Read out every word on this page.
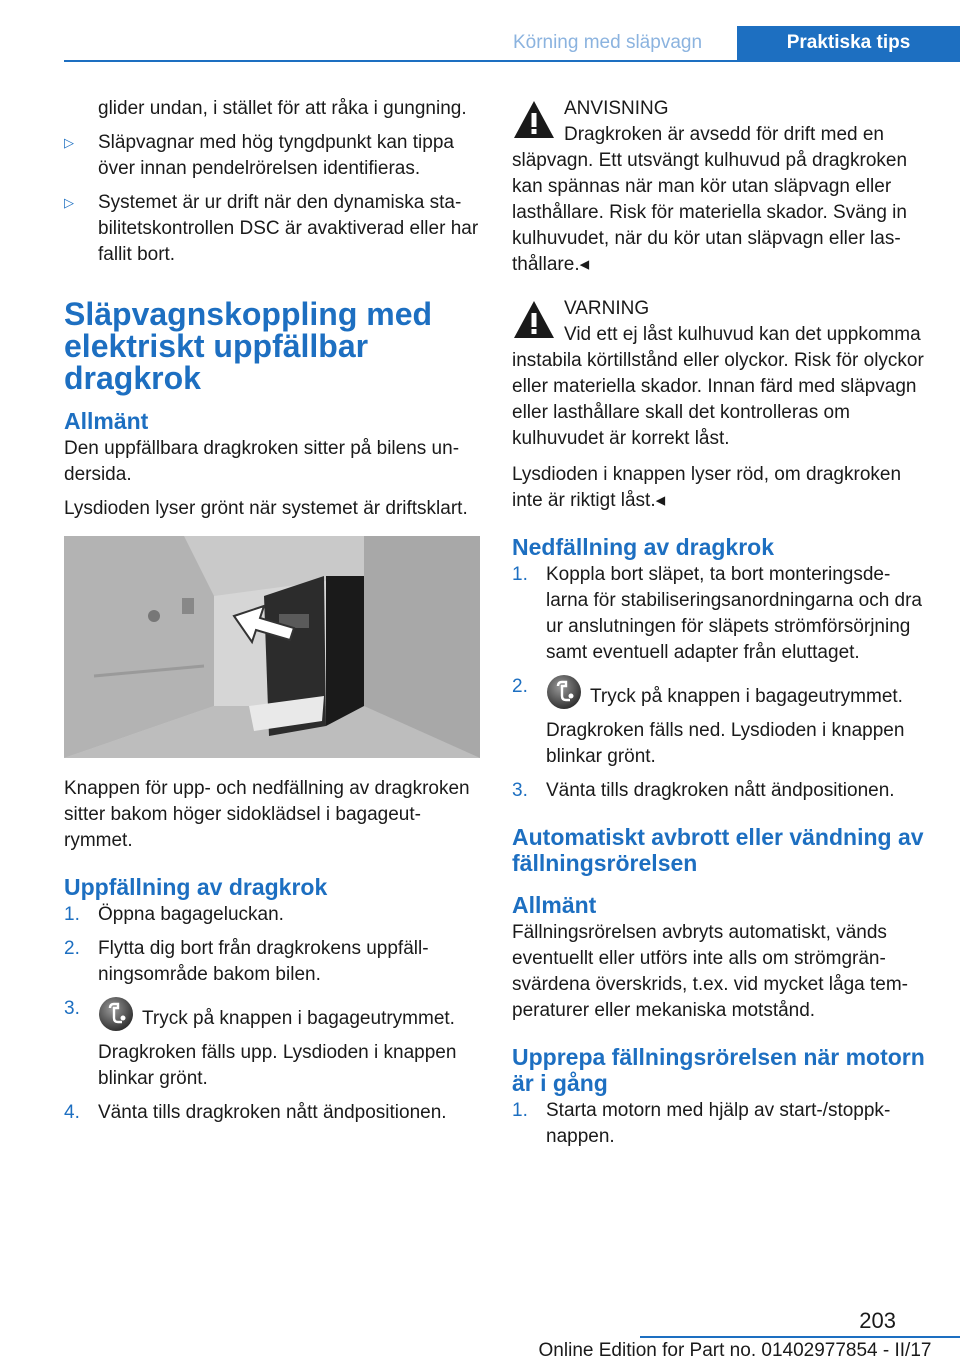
Körning med släpvagn	Praktiska tips

glider undan, i stället för att råka i gungning.

▷ Släpvagnar med hög tyngdpunkt kan tippa över innan pendelrörelsen identifieras.
▷ Systemet är ur drift när den dynamiska stabilitetskontrollen DSC är avaktiverad eller har fallit bort.
Släpvagnskoppling med elektriskt uppfällbar dragkrok
Allmänt

Den uppfällbara dragkroken sitter på bilens undersida.

Lysdioden lyser grönt när systemet är driftsklart.

Knappen för upp- och nedfällning av dragkroken sitter bakom höger sidoklädsel i bagageutrymmet.

Uppfällning av dragkrok
1. Öppna bagageluckan.
2. Flytta dig bort från dragkrokens uppfällningsområde bakom bilen.
3.	Tryck på knappen i bagageutrymmet.
Dragkroken fälls upp. Lysdioden i knappen blinkar grönt.
4. Vänta tills dragkroken nått ändpositionen.
ANVISNING
Dragkroken är avsedd för drift med en släpvagn. Ett utsvängt kulhuvud på dragkroken kan spännas när man kör utan släpvagn eller lasthållare. Risk för materiella skador. Sväng in kulhuvudet, när du kör utan släpvagn eller lasthållare.◂
VARNING
Vid ett ej låst kulhuvud kan det uppkomma instabila körtillstånd eller olyckor. Risk för olyckor eller materiella skador. Innan färd med släpvagn eller lasthållare skall det kontrolleras om kulhuvudet är korrekt låst.

Lysdioden i knappen lyser röd, om dragkroken inte är riktigt låst.◂

Nedfällning av dragkrok
1. Koppla bort släpet, ta bort monteringsdelarna för stabiliseringsanordningarna och dra ur anslutningen för släpets strömförsörjning samt eventuell adapter från eluttaget.
2.	Tryck på knappen i bagageutrymmet.
Dragkroken fälls ned. Lysdioden i knappen blinkar grönt.
3. Vänta tills dragkroken nått ändpositionen.
Automatiskt avbrott eller vändning av fällningsrörelsen
Allmänt

Fällningsrörelsen avbryts automatiskt, vänds eventuellt eller utförs inte alls om strömgränsvärdena överskrids, t.ex. vid mycket låga temperaturer eller mekaniska motstånd.

Upprepa fällningsrörelsen när motorn är i gång
1. Starta motorn med hjälp av start-/stoppknappen.
203
Online Edition for Part no. 01402977854 - II/17
